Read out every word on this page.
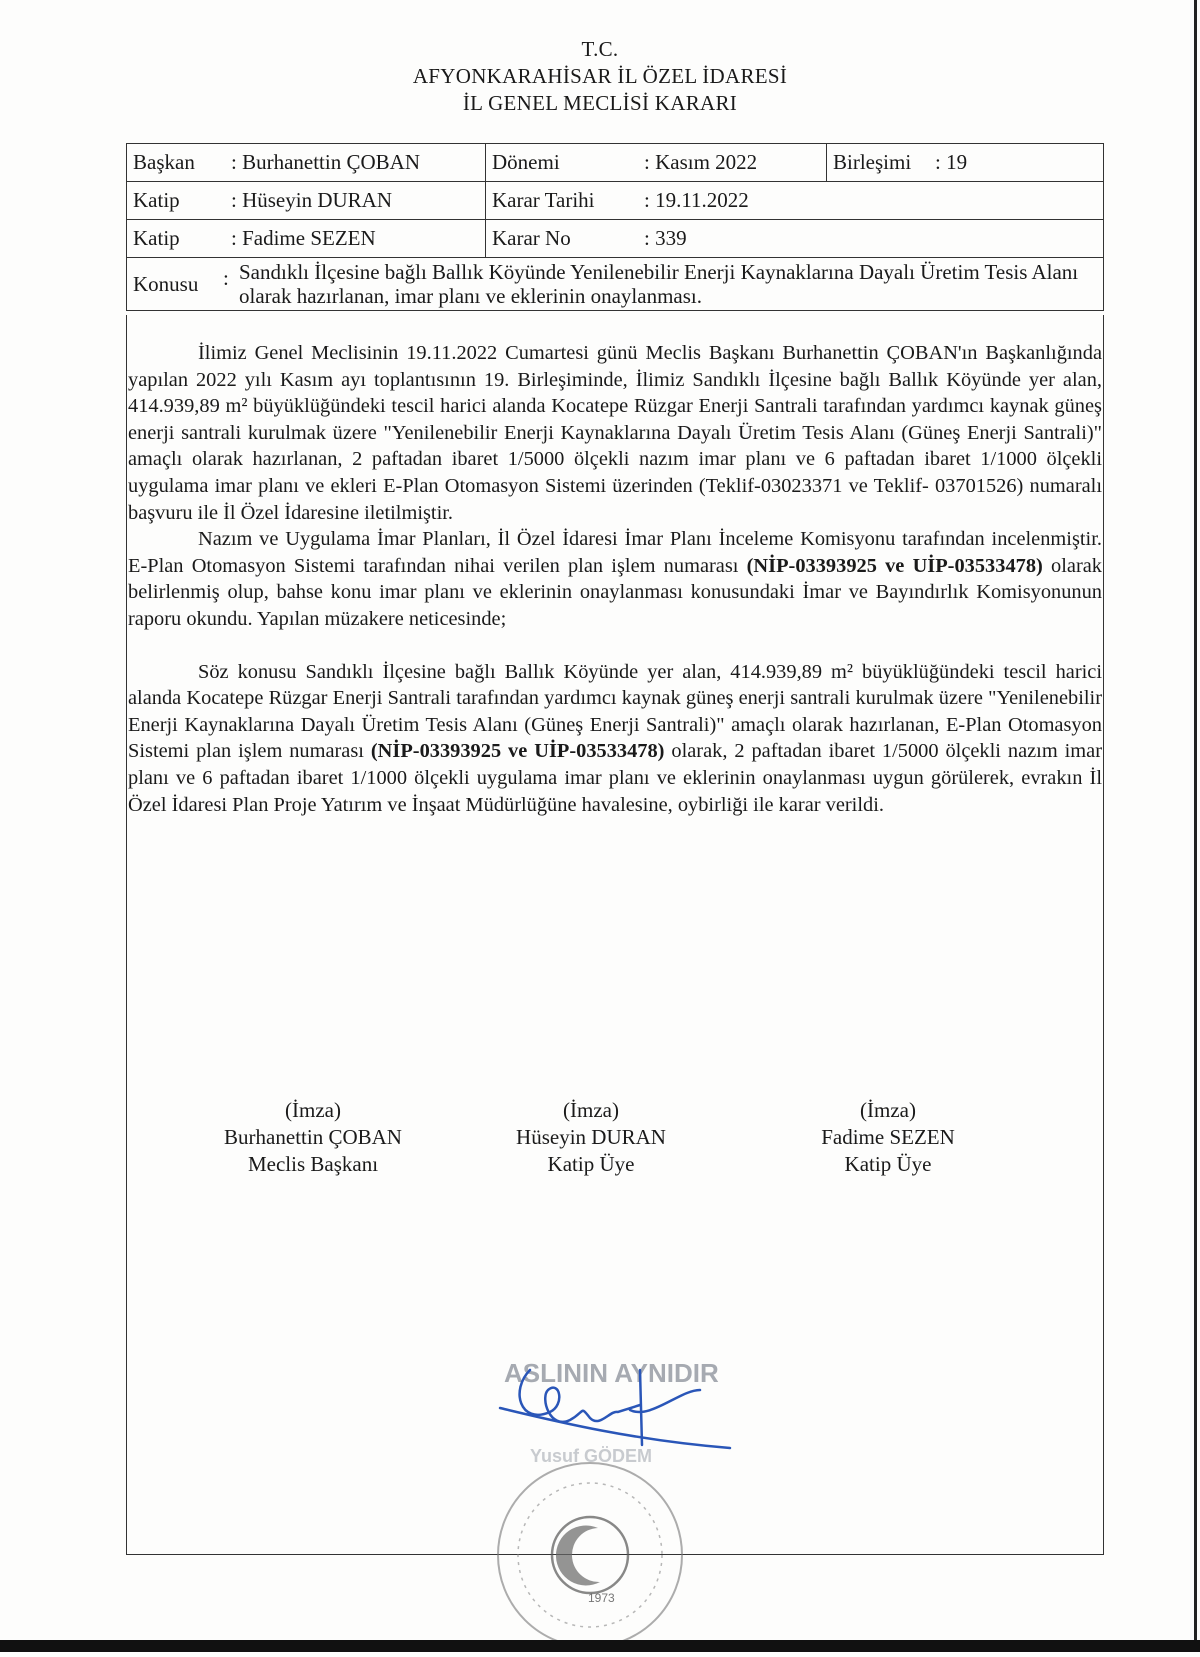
T.C.
AFYONKARAHİSAR İL ÖZEL İDARESİ
İL GENEL MECLİSİ KARARI
Başkan	: Burhanettin ÇOBAN	Dönemi	: Kasım 2022	Birleşimi	: 19
Katip	: Hüseyin DURAN	Karar Tarihi	: 19.11.2022		
Katip	: Fadime SEZEN	Karar No	: 339		
Konusu : Sandıklı İlçesine bağlı Ballık Köyünde Yenilenebilir Enerji Kaynaklarına Dayalı Üretim Tesis Alanı olarak hazırlanan, imar planı ve eklerinin onaylanması.					

İlimiz Genel Meclisinin 19.11.2022 Cumartesi günü Meclis Başkanı Burhanettin ÇOBAN'ın Başkanlığında yapılan 2022 yılı Kasım ayı toplantısının 19. Birleşiminde, İlimiz Sandıklı İlçesine bağlı Ballık Köyünde yer alan, 414.939,89 m² büyüklüğündeki tescil harici alanda Kocatepe Rüzgar Enerji Santrali tarafından yardımcı kaynak güneş enerji santrali kurulmak üzere "Yenilenebilir Enerji Kaynaklarına Dayalı Üretim Tesis Alanı (Güneş Enerji Santrali)" amaçlı olarak hazırlanan, 2 paftadan ibaret 1/5000 ölçekli nazım imar planı ve 6 paftadan ibaret 1/1000 ölçekli uygulama imar planı ve ekleri E-Plan Otomasyon Sistemi üzerinden (Teklif-03023371 ve Teklif- 03701526) numaralı başvuru ile İl Özel İdaresine iletilmiştir.

Nazım ve Uygulama İmar Planları, İl Özel İdaresi İmar Planı İnceleme Komisyonu tarafından incelenmiştir. E-Plan Otomasyon Sistemi tarafından nihai verilen plan işlem numarası (NİP-03393925 ve UİP-03533478) olarak belirlenmiş olup, bahse konu imar planı ve eklerinin onaylanması konusundaki İmar ve Bayındırlık Komisyonunun raporu okundu. Yapılan müzakere neticesinde;

Söz konusu Sandıklı İlçesine bağlı Ballık Köyünde yer alan, 414.939,89 m² büyüklüğündeki tescil harici alanda Kocatepe Rüzgar Enerji Santrali tarafından yardımcı kaynak güneş enerji santrali kurulmak üzere "Yenilenebilir Enerji Kaynaklarına Dayalı Üretim Tesis Alanı (Güneş Enerji Santrali)" amaçlı olarak hazırlanan, E-Plan Otomasyon Sistemi plan işlem numarası (NİP-03393925 ve UİP-03533478) olarak, 2 paftadan ibaret 1/5000 ölçekli nazım imar planı ve 6 paftadan ibaret 1/1000 ölçekli uygulama imar planı ve eklerinin onaylanması uygun görülerek, evrakın İl Özel İdaresi Plan Proje Yatırım ve İnşaat Müdürlüğüne havalesine, oybirliği ile karar verildi.

(İmza)
Burhanettin ÇOBAN
Meclis Başkanı
(İmza)
Hüseyin DURAN
Katip Üye
(İmza)
Fadime SEZEN
Katip Üye
ASLININ AYNIDIR
Yusuf GÖDEM
1973
